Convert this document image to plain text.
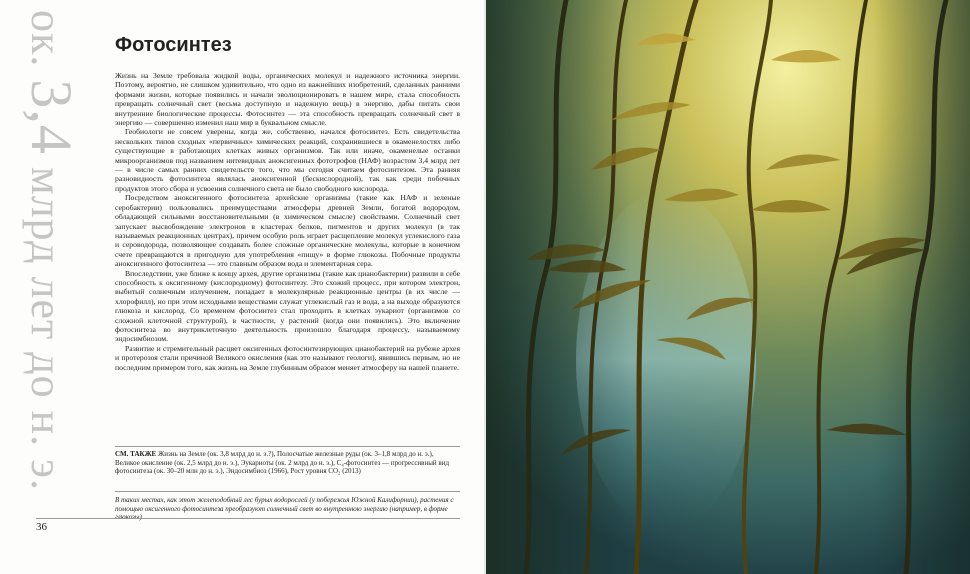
ок. 3,4 млрд лет до н. э.
Фотосинтез

Жизнь на Земле требовала жидкой воды, органических молекул и надежного источника энергии. Поэтому, вероятно, не слишком удивительно, что одно из важнейших изобретений, сделанных ранними формами жизни, которые появились и начали эволюционировать в нашем мире, стала способность превращать солнечный свет (весьма доступную и надежную вещь) в энергию, дабы питать свои внутренние биологические процессы. Фотосинтез — эта способность превращать солнечный свет в энергию — совершенно изменил наш мир в буквальном смысле.

Геобиологи не совсем уверены, когда же, собственно, начался фотосинтез. Есть свидетельства нескольких типов сходных «первичных» химических реакций, сохранившиеся в окаменелостях либо существующие в работающих клетках живых организмов. Так или иначе, окаменелые останки микроорганизмов под названием нитевидных аноксигенных фототрофов (НАФ) возрастом 3,4 млрд лет — в числе самых ранних свидетельств того, что мы сегодня считаем фотосинтезом. Эта ранняя разновидность фотосинтеза являлась аноксигенной (бескислородной), так как среди побочных продуктов этого сбора и усвоения солнечного света не было свободного кислорода.

Посредством аноксигенного фотосинтеза архейские организмы (такие как НАФ и зеленые серобактерии) пользовались преимуществами атмосферы древней Земли, богатой водородом, обладающей сильными восстановительными (в химическом смысле) свойствами. Солнечный свет запускает высвобождение электронов в кластерах белков, пигментов и других молекул (в так называемых реакционных центрах), причем особую роль играет расщепление молекул углекислого газа и сероводорода, позволяющее создавать более сложные органические молекулы, которые в конечном счете превращаются в пригодную для употребления «пищу» в форме глюкозы. Побочные продукты аноксигенного фотосинтеза — это главным образом вода и элементарная сера.

Впоследствии, уже ближе к концу архея, другие организмы (такие как цианобактерии) развили в себе способность к оксигенному (кислородному) фотосинтезу. Это схожий процесс, при котором электрон, выбитый солнечным излучением, попадает в молекулярные реакционные центры (в их числе — хлорофилл), но при этом исходными веществами служат углекислый газ и вода, а на выходе образуются глюкоза и кислород. Со временем фотосинтез стал проходить в клетках эукариот (организмов со сложной клеточной структурой), в частности, у растений (когда они появились). Это включение фотосинтеза во внутриклеточную деятельность произошло благодаря процессу, называемому эндосимбиозом.

Развитие и стремительный расцвет оксигенных фотосинтезирующих цианобактерий на рубеже архея и протерозоя стали причиной Великого окисления (как это называют геологи), явившись первым, но не последним примером того, как жизнь на Земле глубинным образом меняет атмосферу на нашей планете.

СМ. ТАКЖЕ Жизнь на Земле (ок. 3,8 млрд до н. э.?), Полосчатые железные руды (ок. 3–1,8 млрд до н. э.), Великое окисление (ок. 2,5 млрд до н. э.), Эукариоты (ок. 2 млрд до н. э.), C₄-фотосинтез — прогрессивный вид фотосинтеза (ок. 30–20 млн до н. э.), Эндосимбиоз (1966), Рост уровня CO₂ (2013)
В таких местах, как этот желеподобный лес бурых водорослей (у побережья Южной Калифорнии), растения с помощью оксигенного фотосинтеза преобразуют солнечный свет во внутреннюю энергию (например, в форме глюкозы).
36
